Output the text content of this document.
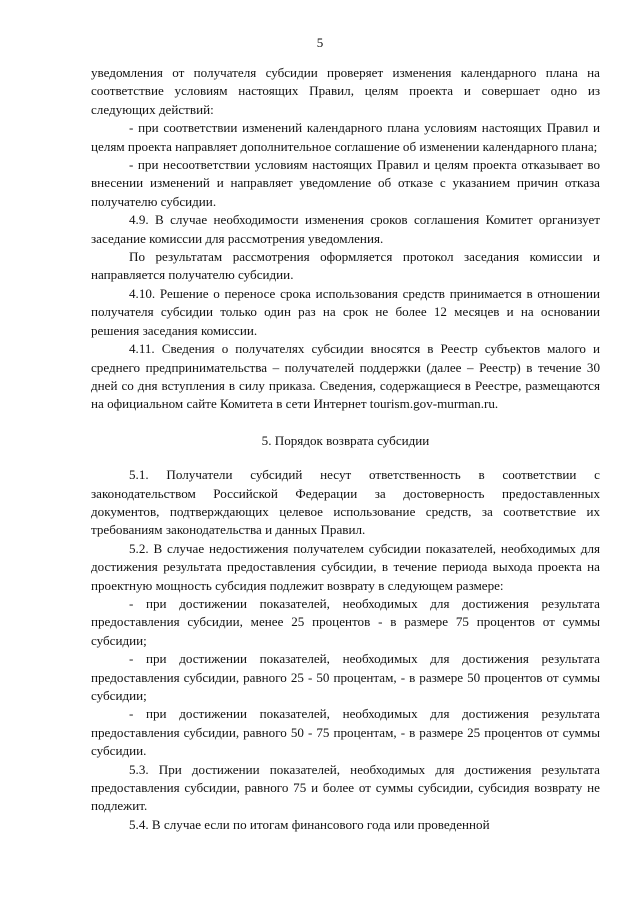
5

уведомления от получателя субсидии проверяет изменения календарного плана на соответствие условиям настоящих Правил, целям проекта и совершает одно из следующих действий:

- при соответствии изменений календарного плана условиям настоящих Правил и целям проекта направляет дополнительное соглашение об изменении календарного плана;

- при несоответствии условиям настоящих Правил и целям проекта отказывает во внесении изменений и направляет уведомление об отказе с указанием причин отказа получателю субсидии.

4.9. В случае необходимости изменения сроков соглашения Комитет организует заседание комиссии для рассмотрения уведомления.

По результатам рассмотрения оформляется протокол заседания комиссии и направляется получателю субсидии.

4.10. Решение о переносе срока использования средств принимается в отношении получателя субсидии только один раз на срок не более 12 месяцев и на основании решения заседания комиссии.

4.11. Сведения о получателях субсидии вносятся в Реестр субъектов малого и среднего предпринимательства – получателей поддержки (далее – Реестр) в течение 30 дней со дня вступления в силу приказа. Сведения, содержащиеся в Реестре, размещаются на официальном сайте Комитета в сети Интернет tourism.gov-murman.ru.

5. Порядок возврата субсидии

5.1. Получатели субсидий несут ответственность в соответствии с законодательством Российской Федерации за достоверность предоставленных документов, подтверждающих целевое использование средств, за соответствие их требованиям законодательства и данных Правил.

5.2. В случае недостижения получателем субсидии показателей, необходимых для достижения результата предоставления субсидии, в течение периода выхода проекта на проектную мощность субсидия подлежит возврату в следующем размере:

- при достижении показателей, необходимых для достижения результата предоставления субсидии, менее 25 процентов - в размере 75 процентов от суммы субсидии;

- при достижении показателей, необходимых для достижения результата предоставления субсидии, равного 25 - 50 процентам, - в размере 50 процентов от суммы субсидии;

- при достижении показателей, необходимых для достижения результата предоставления субсидии, равного 50 - 75 процентам, - в размере 25 процентов от суммы субсидии.

5.3. При достижении показателей, необходимых для достижения результата предоставления субсидии, равного 75 и более от суммы субсидии, субсидия возврату не подлежит.

5.4. В случае если по итогам финансового года или проведенной
